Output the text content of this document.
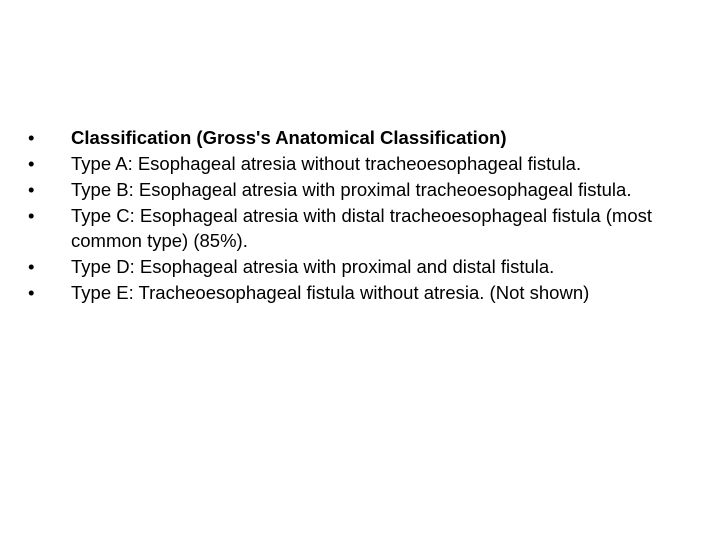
•	Classification (Gross's Anatomical Classification)
•	Type A: Esophageal atresia without tracheoesophageal fistula.
•	Type B: Esophageal atresia with proximal tracheoesophageal fistula.
•	Type C: Esophageal atresia with distal tracheoesophageal fistula (most common type) (85%).
•	Type D: Esophageal atresia with proximal and distal fistula.
•	Type E: Tracheoesophageal fistula without atresia. (Not shown)
